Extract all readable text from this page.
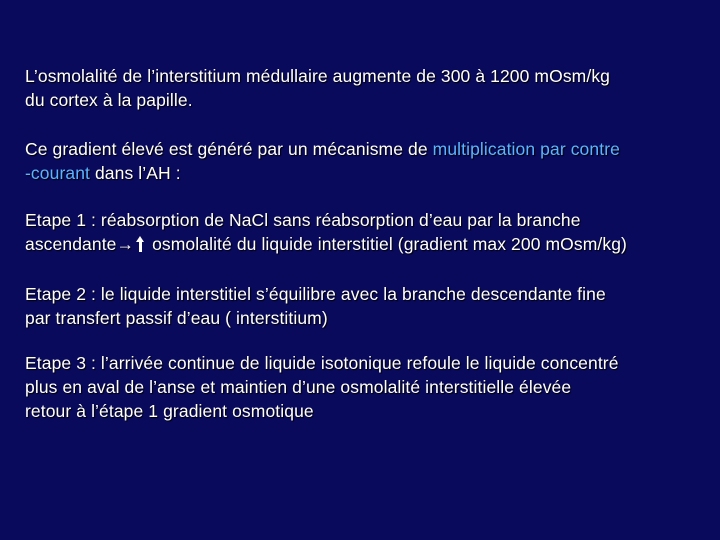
L’osmolalité de l’interstitium médullaire augmente de 300 à 1200 mOsm/kg
du cortex à la papille.
Ce gradient élevé est généré par un mécanisme de multiplication par contre
-courant dans l’AH :
Etape 1 : réabsorption de NaCl sans réabsorption d’eau par la branche
ascendante→
osmolalité du liquide interstitiel (gradient max 200 mOsm/kg)
Etape 2 : le liquide interstitiel s’équilibre avec la branche descendante fine
par transfert passif d’eau ( interstitium)
Etape 3 : l’arrivée continue de liquide isotonique refoule le liquide concentré
plus en aval de l’anse et maintien d’une osmolalité interstitielle élevée
retour à l’étape 1 gradient osmotique
